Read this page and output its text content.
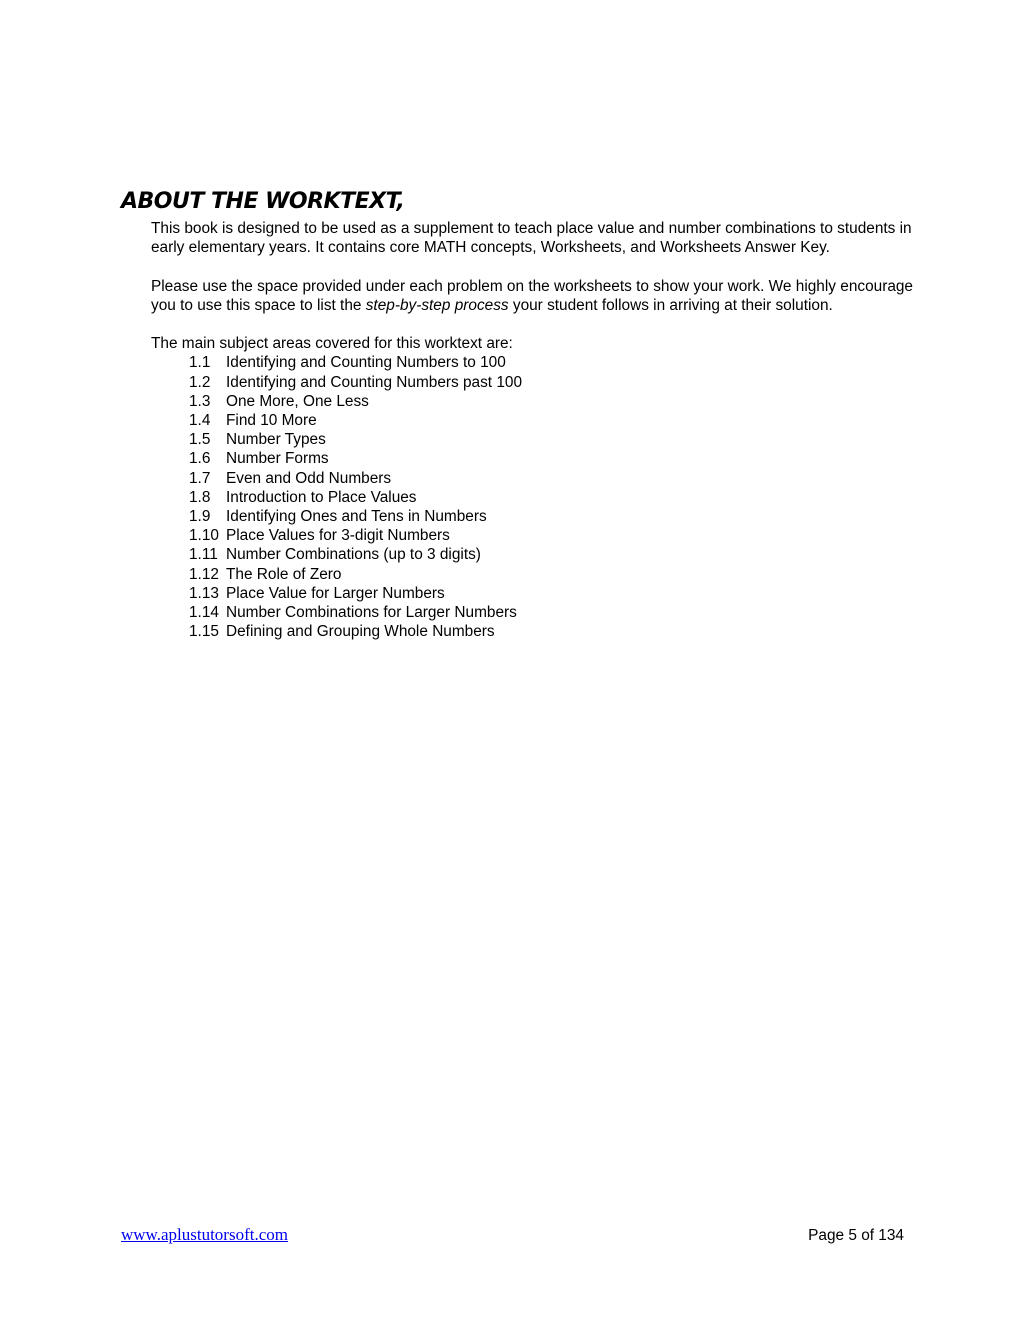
ABOUT THE WORKTEXT,

This book is designed to be used as a supplement to teach place value and number combinations to students in early elementary years. It contains core MATH concepts, Worksheets, and Worksheets Answer Key.

Please use the space provided under each problem on the worksheets to show your work. We highly encourage you to use this space to list the step-by-step process your student follows in arriving at their solution.

The main subject areas covered for this worktext are:

1.1	Identifying and Counting Numbers to 100
1.2	Identifying and Counting Numbers past 100
1.3	One More, One Less
1.4	Find 10 More
1.5	Number Types
1.6	Number Forms
1.7	Even and Odd Numbers
1.8	Introduction to Place Values
1.9	Identifying Ones and Tens in Numbers
1.10 Place Values for 3-digit Numbers
1.11 Number Combinations (up to 3 digits)
1.12 The Role of Zero
1.13 Place Value for Larger Numbers
1.14 Number Combinations for Larger Numbers
1.15 Defining and Grouping Whole Numbers
www.aplustutorsoft.com	Page 5 of 134
